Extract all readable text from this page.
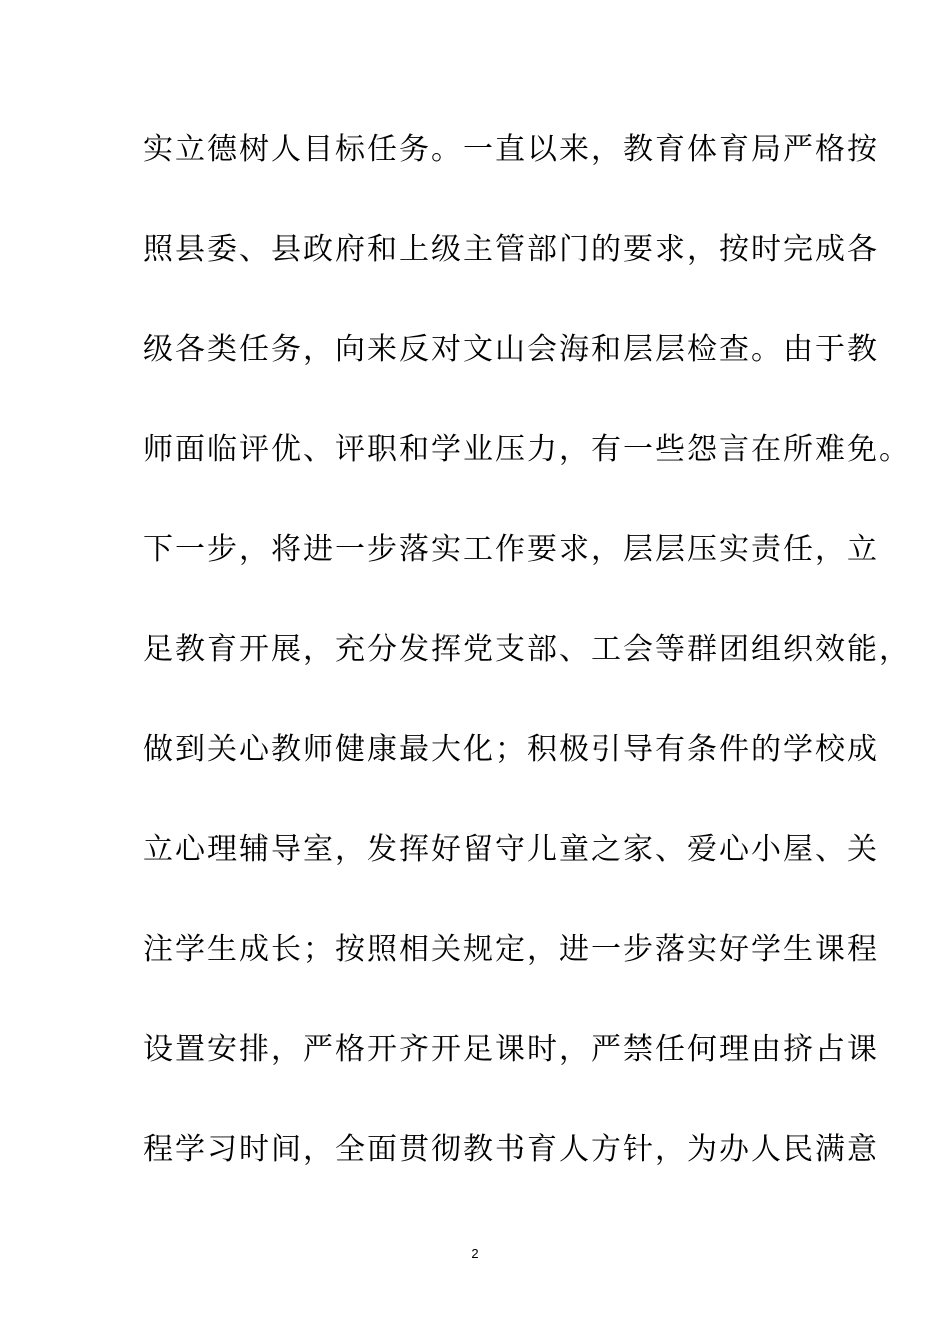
实立德树人目标任务。一直以来，教育体育局严格按
照县委、县政府和上级主管部门的要求，按时完成各
级各类任务，向来反对文山会海和层层检查。由于教
师面临评优、评职和学业压力，有一些怨言在所难免。
下一步，将进一步落实工作要求，层层压实责任，立
足教育开展，充分发挥党支部、工会等群团组织效能，
做到关心教师健康最大化；积极引导有条件的学校成
立心理辅导室，发挥好留守儿童之家、爱心小屋、关
注学生成长；按照相关规定，进一步落实好学生课程
设置安排，严格开齐开足课时，严禁任何理由挤占课
程学习时间，全面贯彻教书育人方针，为办人民满意
2
